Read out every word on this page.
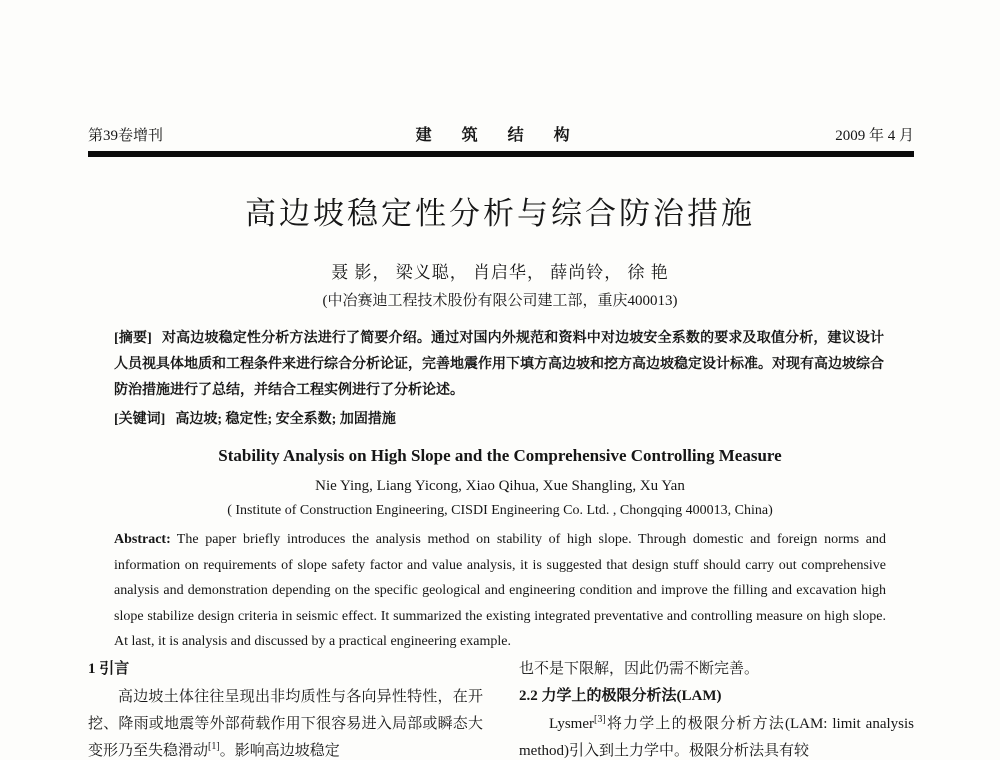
第39卷增刊	建 筑 结 构	2009 年 4 月
高边坡稳定性分析与综合防治措施
聂 影， 梁义聪， 肖启华， 薛尚铃， 徐 艳
(中冶赛迪工程技术股份有限公司建工部，重庆400013)

[摘要] 对高边坡稳定性分析方法进行了简要介绍。通过对国内外规范和资料中对边坡安全系数的要求及取值分析，建议设计人员视具体地质和工程条件来进行综合分析论证，完善地震作用下填方高边坡和挖方高边坡稳定设计标准。对现有高边坡综合防治措施进行了总结，并结合工程实例进行了分析论述。

[关键词] 高边坡; 稳定性; 安全系数; 加固措施

Stability Analysis on High Slope and the Comprehensive Controlling Measure
Nie Ying, Liang Yicong, Xiao Qihua, Xue Shangling, Xu Yan
( Institute of Construction Engineering, CISDI Engineering Co. Ltd. , Chongqing 400013, China)

Abstract: The paper briefly introduces the analysis method on stability of high slope. Through domestic and foreign norms and information on requirements of slope safety factor and value analysis, it is suggested that design stuff should carry out comprehensive analysis and demonstration depending on the specific geological and engineering condition and improve the filling and excavation high slope stabilize design criteria in seismic effect. It summarized the existing integrated preventative and controlling measure on high slope. At last, it is analysis and discussed by a practical engineering example.

1 引言

高边坡土体往往呈现出非均质性与各向异性特性，在开挖、降雨或地震等外部荷载作用下很容易进入局部或瞬态大变形乃至失稳滑动[1]。影响高边坡稳定

也不是下限解，因此仍需不断完善。

2.2 力学上的极限分析法(LAM)

Lysmer[3]将力学上的极限分析方法(LAM: limit analysis method)引入到土力学中。极限分析法具有较
